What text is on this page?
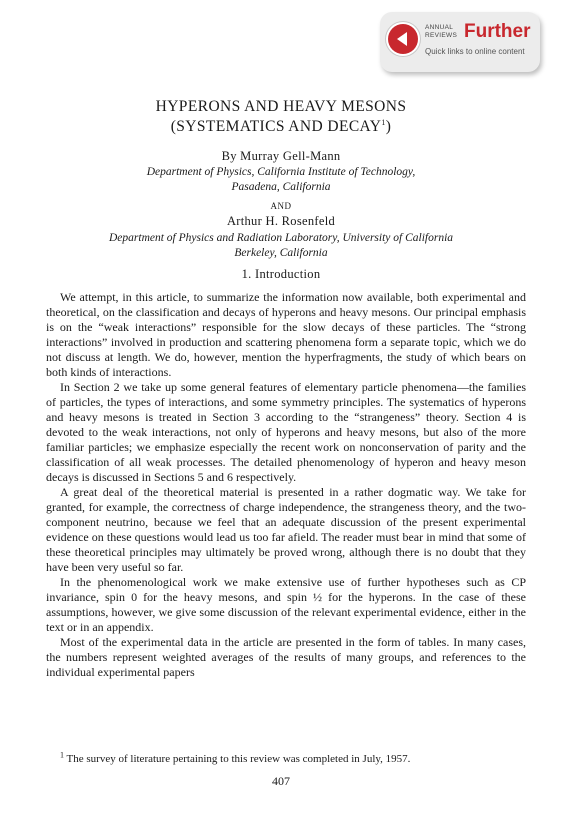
ANNUAL
REVIEWS Further
Quick links to online content
HYPERONS AND HEAVY MESONS
(SYSTEMATICS AND DECAY$^1$)
By Murray Gell-Mann
Department of Physics, California Institute of Technology,
Pasadena, California
AND
Arthur H. Rosenfeld
Department of Physics and Radiation Laboratory, University of California
Berkeley, California
1. Introduction

We attempt, in this article, to summarize the information now available, both experimental and theoretical, on the classification and decays of hyperons and heavy mesons. Our principal emphasis is on the “weak interactions” responsible for the slow decays of these particles. The “strong interactions” involved in production and scattering phenomena form a separate topic, which we do not discuss at length. We do, however, mention the hyperfragments, the study of which bears on both kinds of interactions.

In Section 2 we take up some general features of elementary particle phenomena—the families of particles, the types of interactions, and some symmetry principles. The systematics of hyperons and heavy mesons is treated in Section 3 according to the “strangeness” theory. Section 4 is devoted to the weak interactions, not only of hyperons and heavy mesons, but also of the more familiar particles; we emphasize especially the recent work on nonconservation of parity and the classification of all weak processes. The detailed phenomenology of hyperon and heavy meson decays is discussed in Sections 5 and 6 respectively.

A great deal of the theoretical material is presented in a rather dogmatic way. We take for granted, for example, the correctness of charge independence, the strangeness theory, and the two-component neutrino, because we feel that an adequate discussion of the present experimental evidence on these questions would lead us too far afield. The reader must bear in mind that some of these theoretical principles may ultimately be proved wrong, although there is no doubt that they have been very useful so far.

In the phenomenological work we make extensive use of further hypotheses such as CP invariance, spin 0 for the heavy mesons, and spin ½ for the hyperons. In the case of these assumptions, however, we give some discussion of the relevant experimental evidence, either in the text or in an appendix.

Most of the experimental data in the article are presented in the form of tables. In many cases, the numbers represent weighted averages of the results of many groups, and references to the individual experimental papers

$^1$ The survey of literature pertaining to this review was completed in July, 1957.
407
